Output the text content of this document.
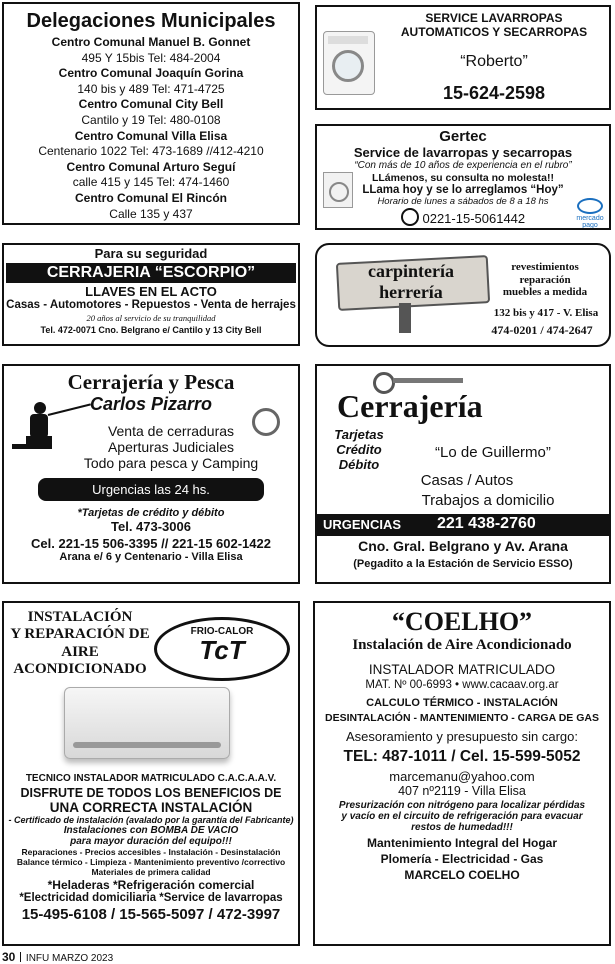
Delegaciones Municipales
Centro Comunal Manuel B. Gonnet
495 Y 15bis Tel: 484-2004
Centro Comunal Joaquín Gorina
140 bis y 489 Tel: 471-4725
Centro Comunal City Bell
Cantilo y 19 Tel: 480-0108
Centro Comunal Villa Elisa
Centenario 1022 Tel: 473-1689 //412-4210
Centro Comunal Arturo Seguí
calle 415 y 145 Tel: 474-1460
Centro Comunal El Rincón
Calle 135 y 437
SERVICE LAVARROPAS
AUTOMATICOS Y SECARROPAS
“Roberto”
15-624-2598
Gertec
Service de lavarropas y secarropas
“Con más de 10 años de experiencia en el rubro”
LLámenos, su consulta no molesta!!
LLama hoy y se lo arreglamos “Hoy”
Horario de lunes a sábados de 8 a 18 hs
0221-15-5061442	mercado
pago
Para su seguridad
CERRAJERIA “ESCORPIO”
LLAVES EN EL ACTO
Casas - Automotores - Repuestos - Venta de herrajes
20 años al servicio de su tranquilidad
Tel. 472-0071 Cno. Belgrano e/ Cantilo y 13 City Bell
carpintería
herrería
revestimientos
reparación
muebles a medida
132 bis y 417 - V. Elisa
474-0201 / 474-2647
Cerrajería y Pesca
Carlos Pizarro
Venta de cerraduras
Aperturas Judiciales
Todo para pesca y Camping
Urgencias las 24 hs.
*Tarjetas de crédito y débito
Tel. 473-3006
Cel. 221-15 506-3395 // 221-15 602-1422
Arana e/ 6 y Centenario - Villa Elisa
Cerrajería
Tarjetas
Crédito
Débito
“Lo de Guillermo”
Casas / Autos
Trabajos a domicilio
URGENCIAS 221 438-2760
Cno. Gral. Belgrano y Av. Arana
(Pegadito a la Estación de Servicio ESSO)
INSTALACIÓN
Y REPARACIÓN DE
AIRE
ACONDICIONADO
FRIO-CALOR
TcT
TECNICO INSTALADOR MATRICULADO C.A.C.A.A.V.
DISFRUTE DE TODOS LOS BENEFICIOS DE
UNA CORRECTA INSTALACIÓN
- Certificado de instalación (avalado por la garantía del Fabricante)
Instalaciones con BOMBA DE VACIO
para mayor duración del equipo!!!
Reparaciones - Precios accesibles - Instalación - Desinstalación
Balance térmico - Limpieza - Mantenimiento preventivo /correctivo
Materiales de primera calidad
*Heladeras *Refrigeración comercial
*Electricidad domiciliaria *Service de lavarropas
15-495-6108 / 15-565-5097 / 472-3997
“COELHO”
Instalación de Aire Acondicionado
INSTALADOR MATRICULADO
MAT. Nº 00-6993 • www.cacaav.org.ar
CALCULO TÉRMICO - INSTALACIÓN
DESINTALACIÓN - MANTENIMIENTO - CARGA DE GAS
Asesoramiento y presupuesto sin cargo:
TEL: 487-1011 / Cel. 15-599-5052
marcemanu@yahoo.com
407 nº2119 - Villa Elisa
Presurización con nitrógeno para localizar pérdidas
y vacío en el circuito de refrigeración para evacuar
restos de humedad!!!
Mantenimiento Integral del Hogar
Plomería - Electricidad - Gas
MARCELO COELHO
30 INFU MARZO 2023
